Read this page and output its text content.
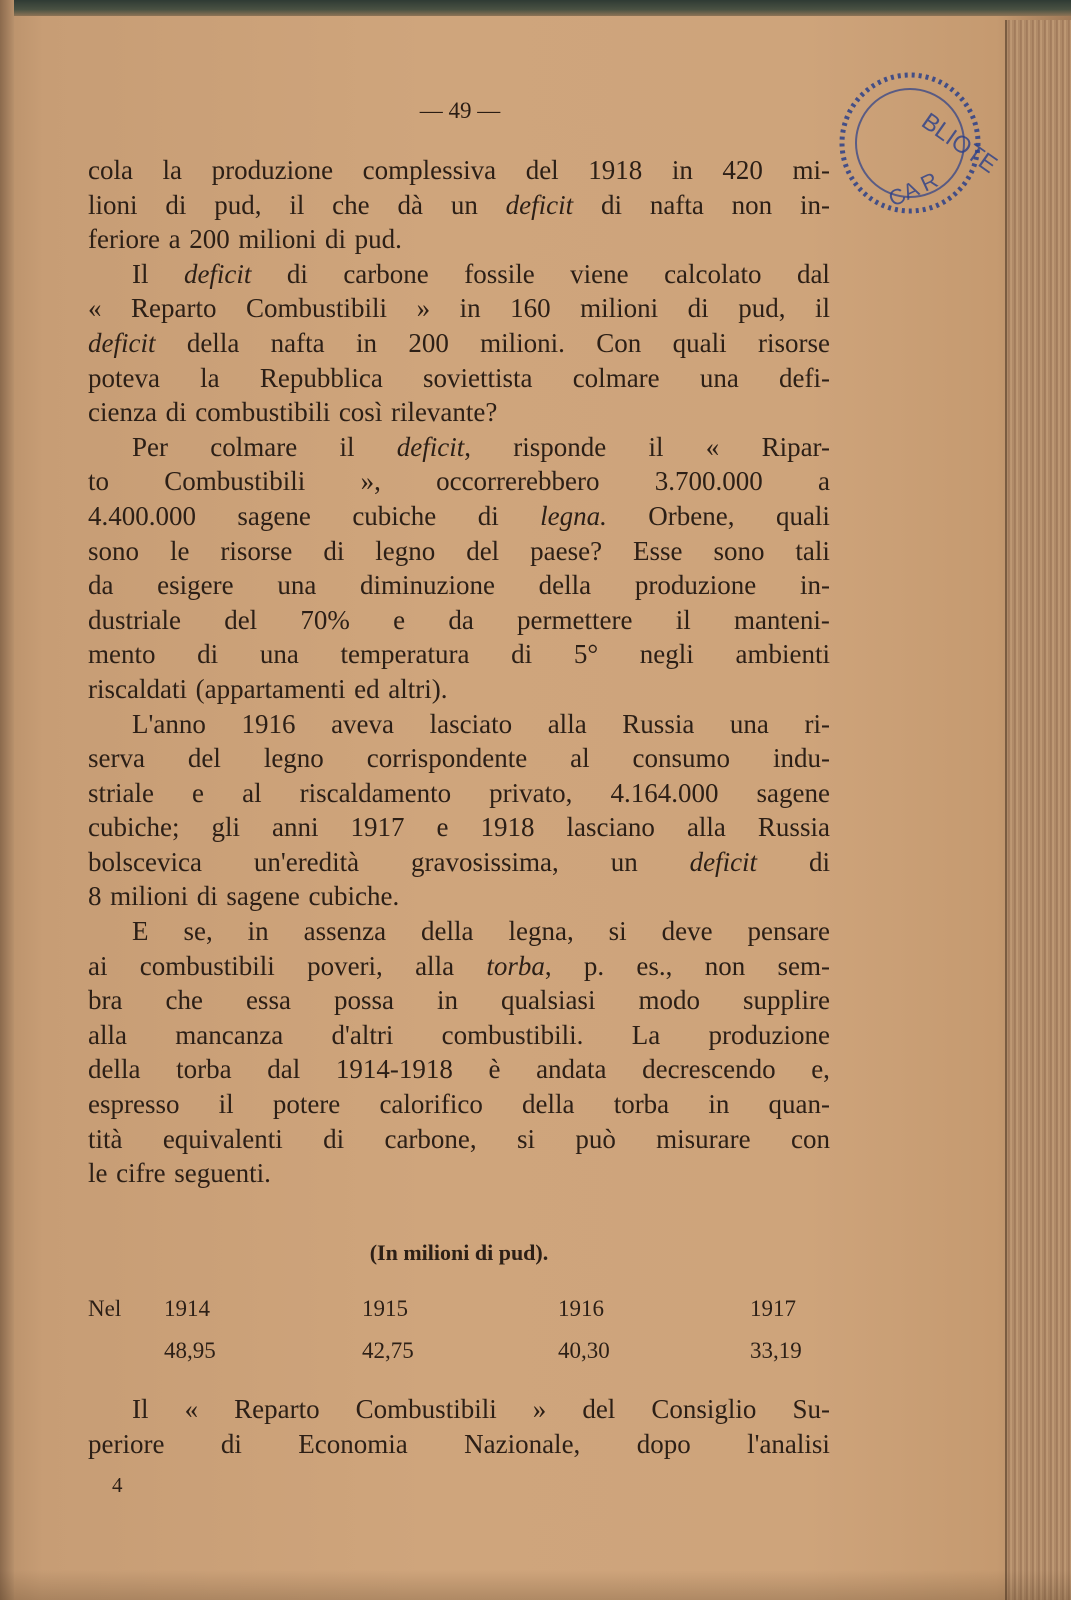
BLIOTE
CA R
— 49 —
cola la produzione complessiva del 1918 in 420 mi-
lioni di pud, il che dà un deficit di nafta non in-
feriore a 200 milioni di pud.
Il deficit di carbone fossile viene calcolato dal
« Reparto Combustibili » in 160 milioni di pud, il
deficit della nafta in 200 milioni. Con quali risorse
poteva la Repubblica soviettista colmare una defi-
cienza di combustibili così rilevante?
Per colmare il deficit, risponde il « Ripar-
to Combustibili », occorrerebbero 3.700.000 a
4.400.000 sagene cubiche di legna. Orbene, quali
sono le risorse di legno del paese? Esse sono tali
da esigere una diminuzione della produzione in-
dustriale del 70% e da permettere il manteni-
mento di una temperatura di 5° negli ambienti
riscaldati (appartamenti ed altri).
L'anno 1916 aveva lasciato alla Russia una ri-
serva del legno corrispondente al consumo indu-
striale e al riscaldamento privato, 4.164.000 sagene
cubiche; gli anni 1917 e 1918 lasciano alla Russia
bolscevica un'eredità gravosissima, un deficit di
8 milioni di sagene cubiche.
E se, in assenza della legna, si deve pensare
ai combustibili poveri, alla torba, p. es., non sem-
bra che essa possa in qualsiasi modo supplire
alla mancanza d'altri combustibili. La produzione
della torba dal 1914-1918 è andata decrescendo e,
espresso il potere calorifico della torba in quan-
tità equivalenti di carbone, si può misurare con
le cifre seguenti.
(In milioni di pud).
Nel 1914	1915	1916	1917
48,95	42,75	40,30	33,19
Il « Reparto Combustibili » del Consiglio Su-
periore di Economia Nazionale, dopo l'analisi
4
